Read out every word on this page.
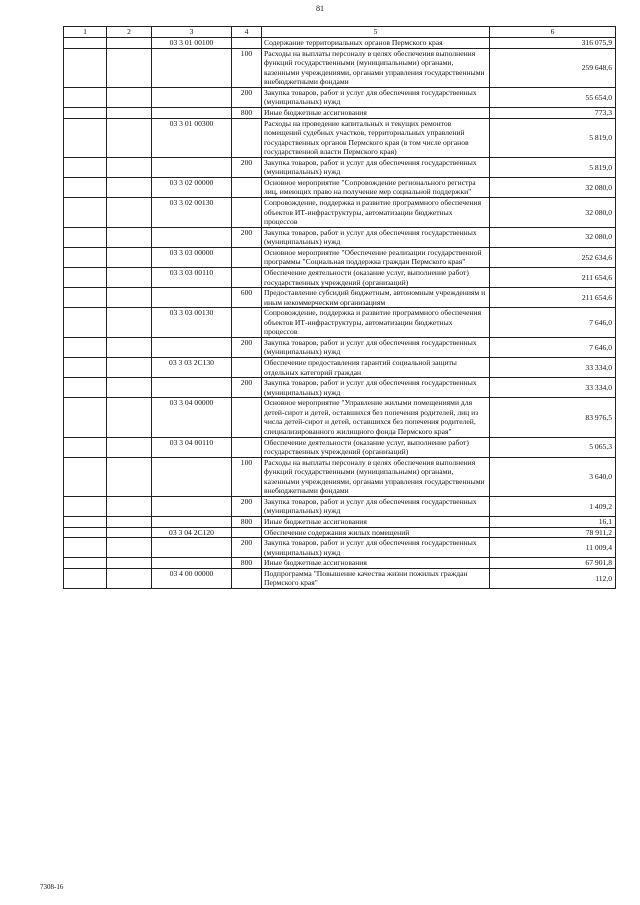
81
1	2	3	4	5	6
		03 3 01 00100		Содержание территориальных органов Пермского края	316 075,9
			100	Расходы на выплаты персоналу в целях обеспечения выполнения функций государственными (муниципальными) органами, казенными учреждениями, органами управления государственными внебюджетными фондами	259 648,6
			200	Закупка товаров, работ и услуг для обеспечения государственных (муниципальных) нужд	55 654,0
			800	Иные бюджетные ассигнования	773,3
		03 3 01 00300		Расходы на проведение капитальных и текущих ремонтов помещений судебных участков, территориальных управлений государственных органов Пермского края (в том числе органов государственной власти Пермского края)	5 819,0
			200	Закупка товаров, работ и услуг для обеспечения государственных (муниципальных) нужд	5 819,0
		03 3 02 00000		Основное мероприятие "Сопровождение регионального регистра лиц, имеющих право на получение мер социальной поддержки"	32 080,0
		03 3 02 00130		Сопровождение, поддержка и развитие программного обеспечения объектов ИТ-инфраструктуры, автоматизации бюджетных процессов	32 080,0
			200	Закупка товаров, работ и услуг для обеспечения государственных (муниципальных) нужд	32 080,0
		03 3 03 00000		Основное мероприятие "Обеспечение реализации государственной программы "Социальная поддержка граждан Пермского края"	252 634,6
		03 3 03 00110		Обеспечение деятельности (оказание услуг, выполнение работ) государственных учреждений (организаций)	211 654,6
			600	Предоставление субсидий бюджетным, автономным учреждениям и иным некоммерческим организациям	211 654,6
		03 3 03 00130		Сопровождение, поддержка и развитие программного обеспечения объектов ИТ-инфраструктуры, автоматизации бюджетных процессов	7 646,0
			200	Закупка товаров, работ и услуг для обеспечения государственных (муниципальных) нужд	7 646,0
		03 3 03 2С130		Обеспечение предоставления гарантий социальной защиты отдельных категорий граждан	33 334,0
			200	Закупка товаров, работ и услуг для обеспечения государственных (муниципальных) нужд	33 334,0
		03 3 04 00000		Основное мероприятие "Управление жилыми помещениями для детей-сирот и детей, оставшихся без попечения родителей, лиц из числа детей-сирот и детей, оставшихся без попечения родителей, специализированного жилищного фонда Пермского края"	83 976,5
		03 3 04 00110		Обеспечение деятельности (оказание услуг, выполнение работ) государственных учреждений (организаций)	5 065,3
			100	Расходы на выплаты персоналу в целях обеспечения выполнения функций государственными (муниципальными) органами, казенными учреждениями, органами управления государственными внебюджетными фондами	3 640,0
			200	Закупка товаров, работ и услуг для обеспечения государственных (муниципальных) нужд	1 409,2
			800	Иные бюджетные ассигнования	16,1
		03 3 04 2С120		Обеспечение содержания жилых помещений	78 911,2
			200	Закупка товаров, работ и услуг для обеспечения государственных (муниципальных) нужд	11 009,4
			800	Иные бюджетные ассигнования	67 901,8
		03 4 00 00000		Подпрограмма "Повышение качества жизни пожилых граждан Пермского края"	112,0
7308-16
